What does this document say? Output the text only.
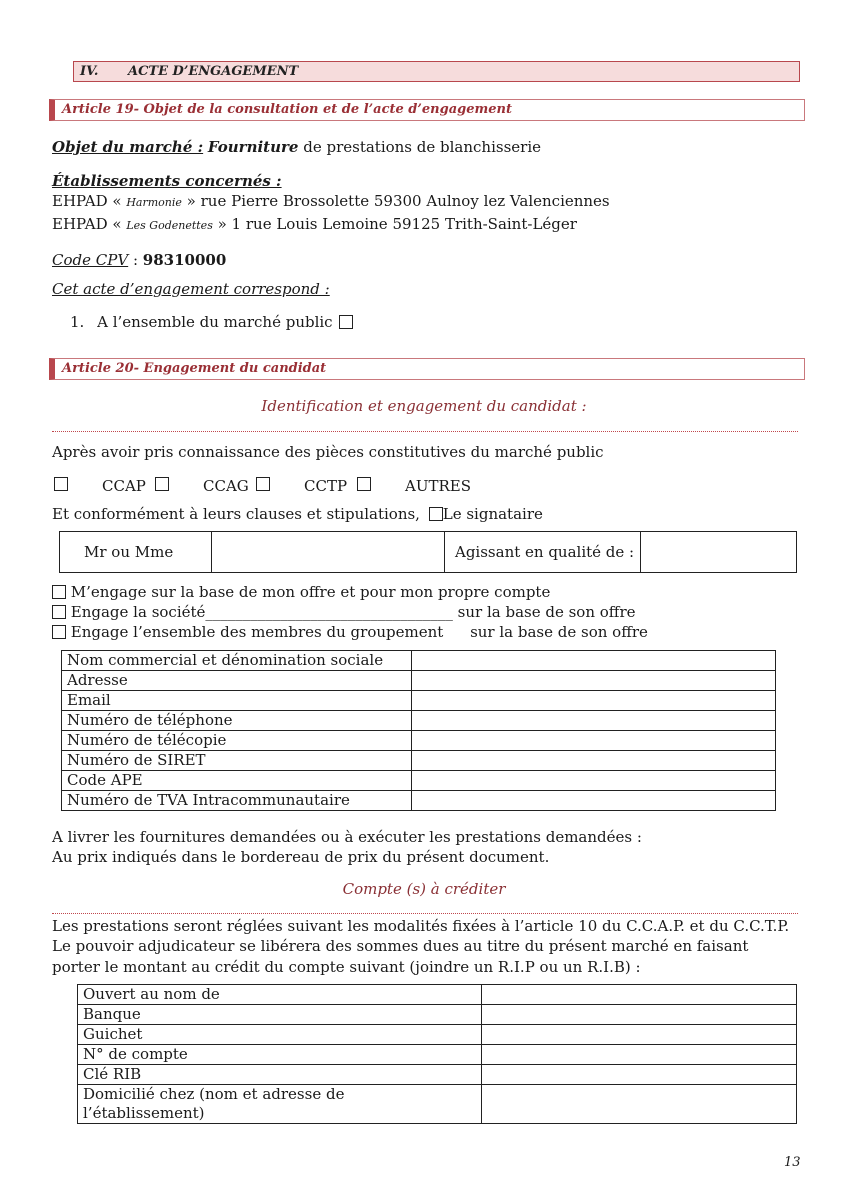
IV. ACTE D’ENGAGEMENT
Article 19- Objet de la consultation et de l’acte d’engagement
Objet du marché : Fourniture de prestations de blanchisserie
Établissements concernés :
EHPAD « Harmonie » rue Pierre Brossolette 59300 Aulnoy lez Valenciennes
EHPAD « Les Godenettes » 1 rue Louis Lemoine 59125 Trith-Saint-Léger
Code CPV : 98310000
Cet acte d’engagement correspond :
1. A l’ensemble du marché public
Article 20- Engagement du candidat
Identification et engagement du candidat :
Après avoir pris connaissance des pièces constitutives du marché public
CCAP	CCAG	CCTP	AUTRES
Et conformément à leurs clauses et stipulations, Le signataire
Mr ou Mme		Agissant en qualité de :	
M’engage sur la base de mon offre et pour mon propre compte
Engage la société_________________________________ sur la base de son offre
Engage l’ensemble des membres du groupement sur la base de son offre
Nom commercial et dénomination sociale	
Adresse	
Email	
Numéro de téléphone	
Numéro de télécopie	
Numéro de SIRET	
Code APE	
Numéro de TVA Intracommunautaire	
A livrer les fournitures demandées ou à exécuter les prestations demandées :
Au prix indiqués dans le bordereau de prix du présent document.
Compte (s) à créditer
Les prestations seront réglées suivant les modalités fixées à l’article 10 du C.C.A.P. et du C.C.T.P.
Le pouvoir adjudicateur se libérera des sommes dues au titre du présent marché en faisant
porter le montant au crédit du compte suivant (joindre un R.I.P ou un R.I.B) :
Ouvert au nom de	
Banque	
Guichet	
N° de compte	
Clé RIB	

Domicilié chez (nom et adresse de
l’établissement)	

13
